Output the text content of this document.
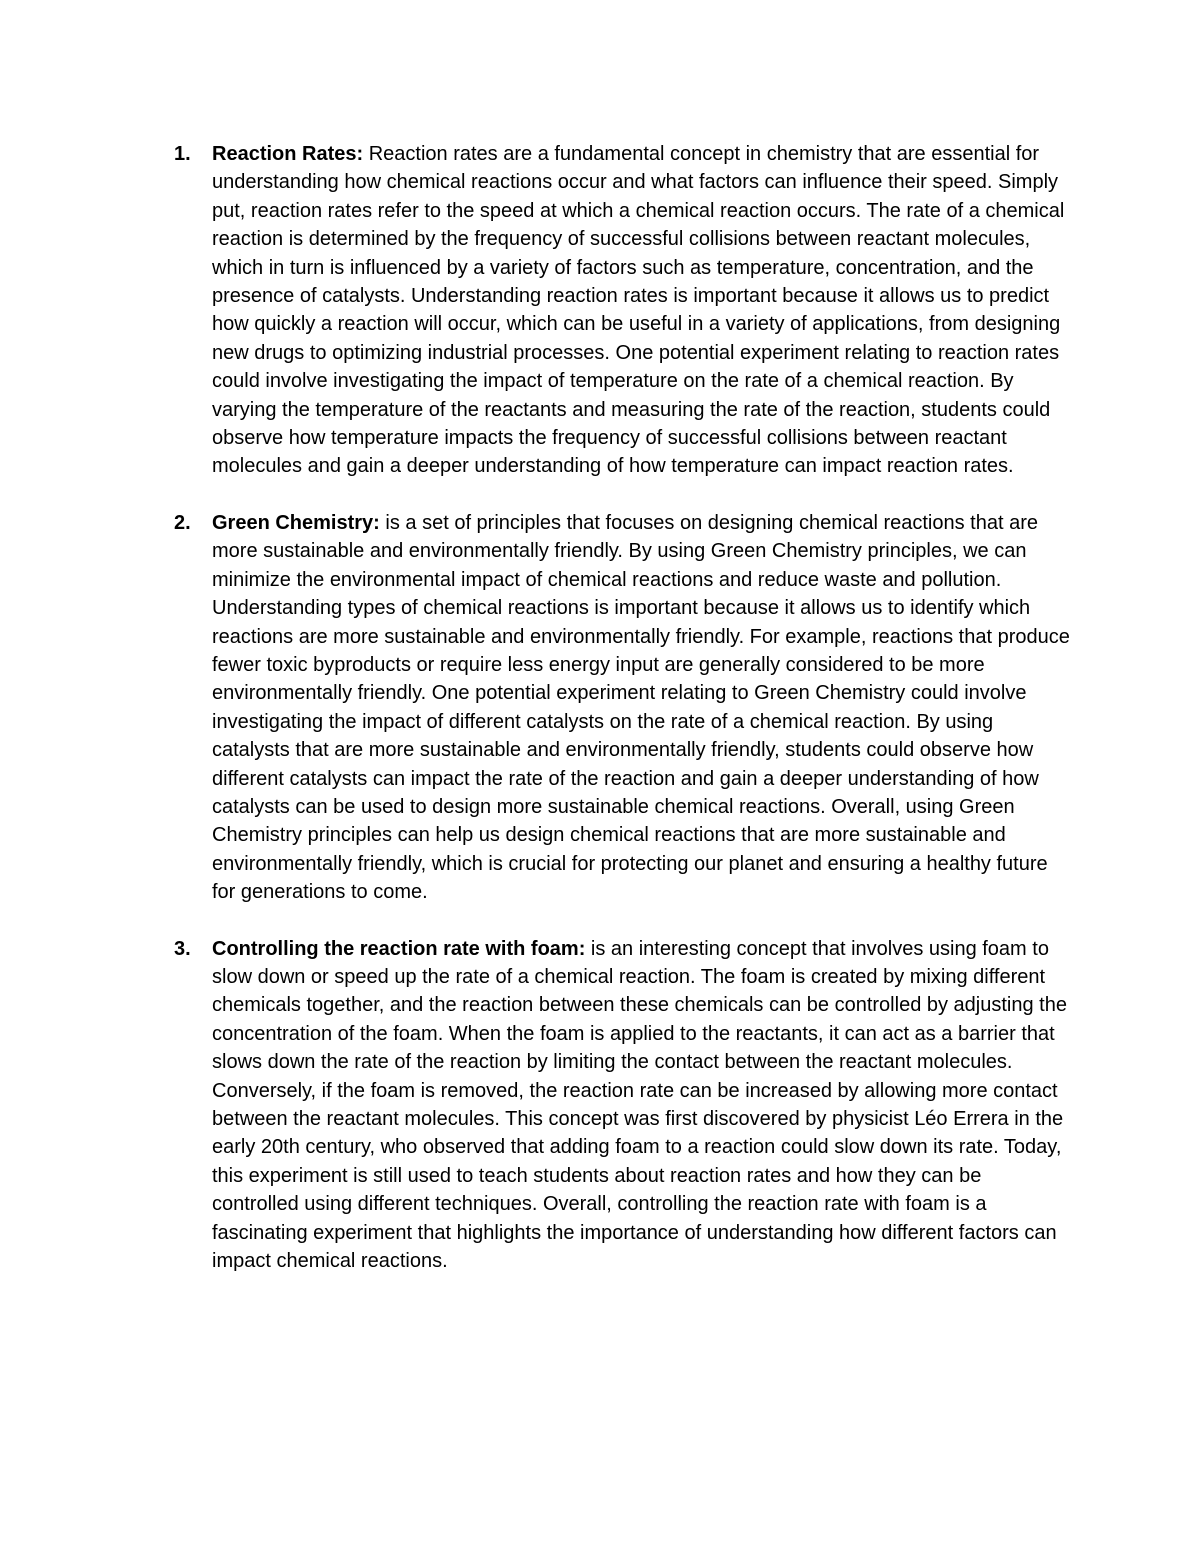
1. Reaction Rates: Reaction rates are a fundamental concept in chemistry that are essential for understanding how chemical reactions occur and what factors can influence their speed. Simply put, reaction rates refer to the speed at which a chemical reaction occurs. The rate of a chemical reaction is determined by the frequency of successful collisions between reactant molecules, which in turn is influenced by a variety of factors such as temperature, concentration, and the presence of catalysts. Understanding reaction rates is important because it allows us to predict how quickly a reaction will occur, which can be useful in a variety of applications, from designing new drugs to optimizing industrial processes. One potential experiment relating to reaction rates could involve investigating the impact of temperature on the rate of a chemical reaction. By varying the temperature of the reactants and measuring the rate of the reaction, students could observe how temperature impacts the frequency of successful collisions between reactant molecules and gain a deeper understanding of how temperature can impact reaction rates.
2. Green Chemistry: is a set of principles that focuses on designing chemical reactions that are more sustainable and environmentally friendly. By using Green Chemistry principles, we can minimize the environmental impact of chemical reactions and reduce waste and pollution. Understanding types of chemical reactions is important because it allows us to identify which reactions are more sustainable and environmentally friendly. For example, reactions that produce fewer toxic byproducts or require less energy input are generally considered to be more environmentally friendly. One potential experiment relating to Green Chemistry could involve investigating the impact of different catalysts on the rate of a chemical reaction. By using catalysts that are more sustainable and environmentally friendly, students could observe how different catalysts can impact the rate of the reaction and gain a deeper understanding of how catalysts can be used to design more sustainable chemical reactions. Overall, using Green Chemistry principles can help us design chemical reactions that are more sustainable and environmentally friendly, which is crucial for protecting our planet and ensuring a healthy future for generations to come.
3. Controlling the reaction rate with foam: is an interesting concept that involves using foam to slow down or speed up the rate of a chemical reaction. The foam is created by mixing different chemicals together, and the reaction between these chemicals can be controlled by adjusting the concentration of the foam. When the foam is applied to the reactants, it can act as a barrier that slows down the rate of the reaction by limiting the contact between the reactant molecules. Conversely, if the foam is removed, the reaction rate can be increased by allowing more contact between the reactant molecules. This concept was first discovered by physicist Léo Errera in the early 20th century, who observed that adding foam to a reaction could slow down its rate. Today, this experiment is still used to teach students about reaction rates and how they can be controlled using different techniques. Overall, controlling the reaction rate with foam is a fascinating experiment that highlights the importance of understanding how different factors can impact chemical reactions.
